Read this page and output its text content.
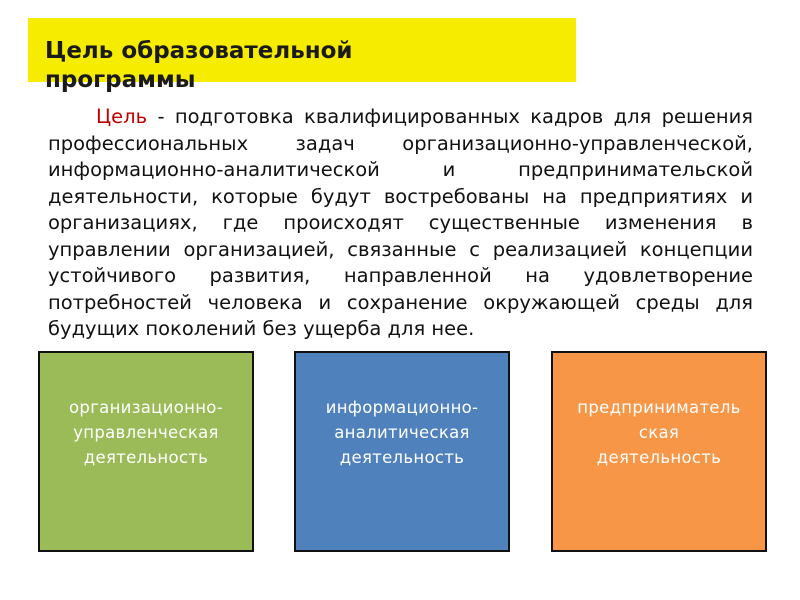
Цель образовательной программы

Цель - подготовка квалифицированных кадров для решения профессиональных задач организационно-управленческой, информационно-аналитической и предпринимательской деятельности, которые будут востребованы на предприятиях и организациях, где происходят существенные изменения в управлении организацией, связанные с реализацией концепции устойчивого развития, направленной на удовлетворение потребностей человека и сохранение окружающей среды для будущих поколений без ущерба для нее.

организационно-
управленческая
деятельность
информационно-
аналитическая
деятельность
предприниматель
ская
деятельность
